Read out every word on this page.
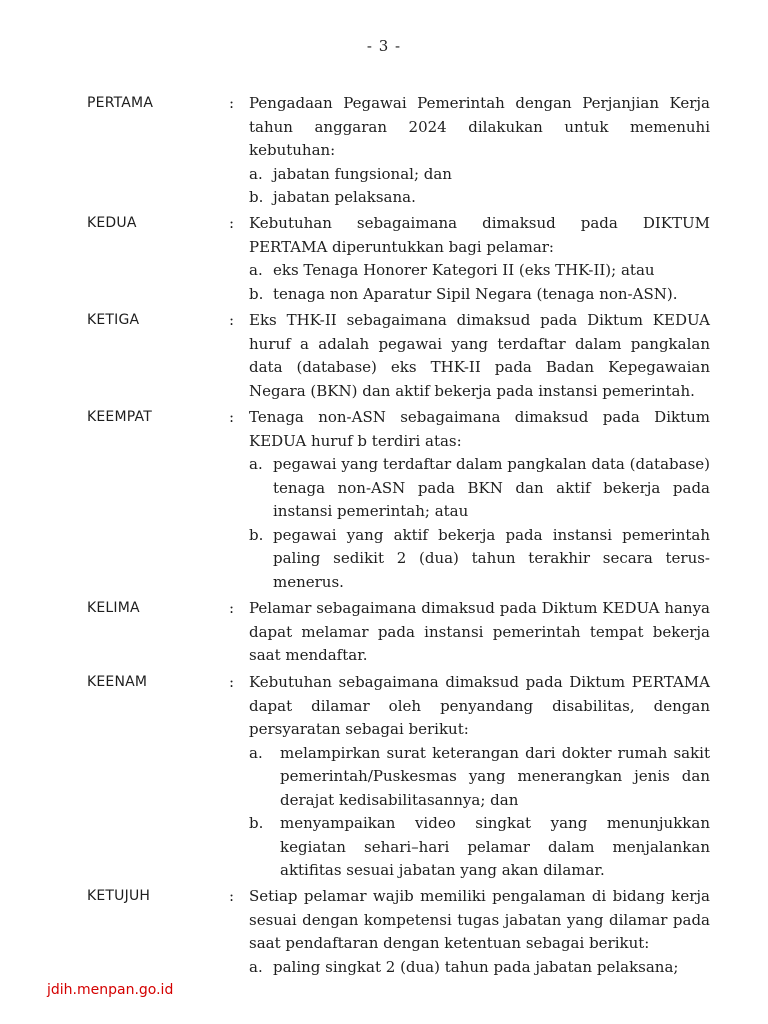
- 3 -
PERTAMA	: Pengadaan Pegawai Pemerintah dengan Perjanjian Kerja tahun anggaran 2024 dilakukan untuk memenuhi kebutuhan:
a. jabatan fungsional; dan
b. jabatan pelaksana.
KEDUA	: Kebutuhan sebagaimana dimaksud pada DIKTUM PERTAMA diperuntukkan bagi pelamar:
a. eks Tenaga Honorer Kategori II (eks THK-II); atau
b. tenaga non Aparatur Sipil Negara (tenaga non-ASN).
KETIGA	: Eks THK-II sebagaimana dimaksud pada Diktum KEDUA huruf a adalah pegawai yang terdaftar dalam pangkalan data (database) eks THK-II pada Badan Kepegawaian Negara (BKN) dan aktif bekerja pada instansi pemerintah.
KEEMPAT	: Tenaga non-ASN sebagaimana dimaksud pada Diktum KEDUA huruf b terdiri atas:
a. pegawai yang terdaftar dalam pangkalan data (database) tenaga non-ASN pada BKN dan aktif bekerja pada instansi pemerintah; atau
b. pegawai yang aktif bekerja pada instansi pemerintah paling sedikit 2 (dua) tahun terakhir secara terus-menerus.
KELIMA	: Pelamar sebagaimana dimaksud pada Diktum KEDUA hanya dapat melamar pada instansi pemerintah tempat bekerja saat mendaftar.
KEENAM	: Kebutuhan sebagaimana dimaksud pada Diktum PERTAMA dapat dilamar oleh penyandang disabilitas, dengan persyaratan sebagai berikut:
a.	melampirkan surat keterangan dari dokter rumah sakit pemerintah/Puskesmas yang menerangkan jenis dan derajat kedisabilitasannya; dan
b.	menyampaikan video singkat yang menunjukkan kegiatan sehari–hari pelamar dalam menjalankan aktifitas sesuai jabatan yang akan dilamar.
KETUJUH	: Setiap pelamar wajib memiliki pengalaman di bidang kerja sesuai dengan kompetensi tugas jabatan yang dilamar pada saat pendaftaran dengan ketentuan sebagai berikut:
a. paling singkat 2 (dua) tahun pada jabatan pelaksana;
jdih.menpan.go.id
